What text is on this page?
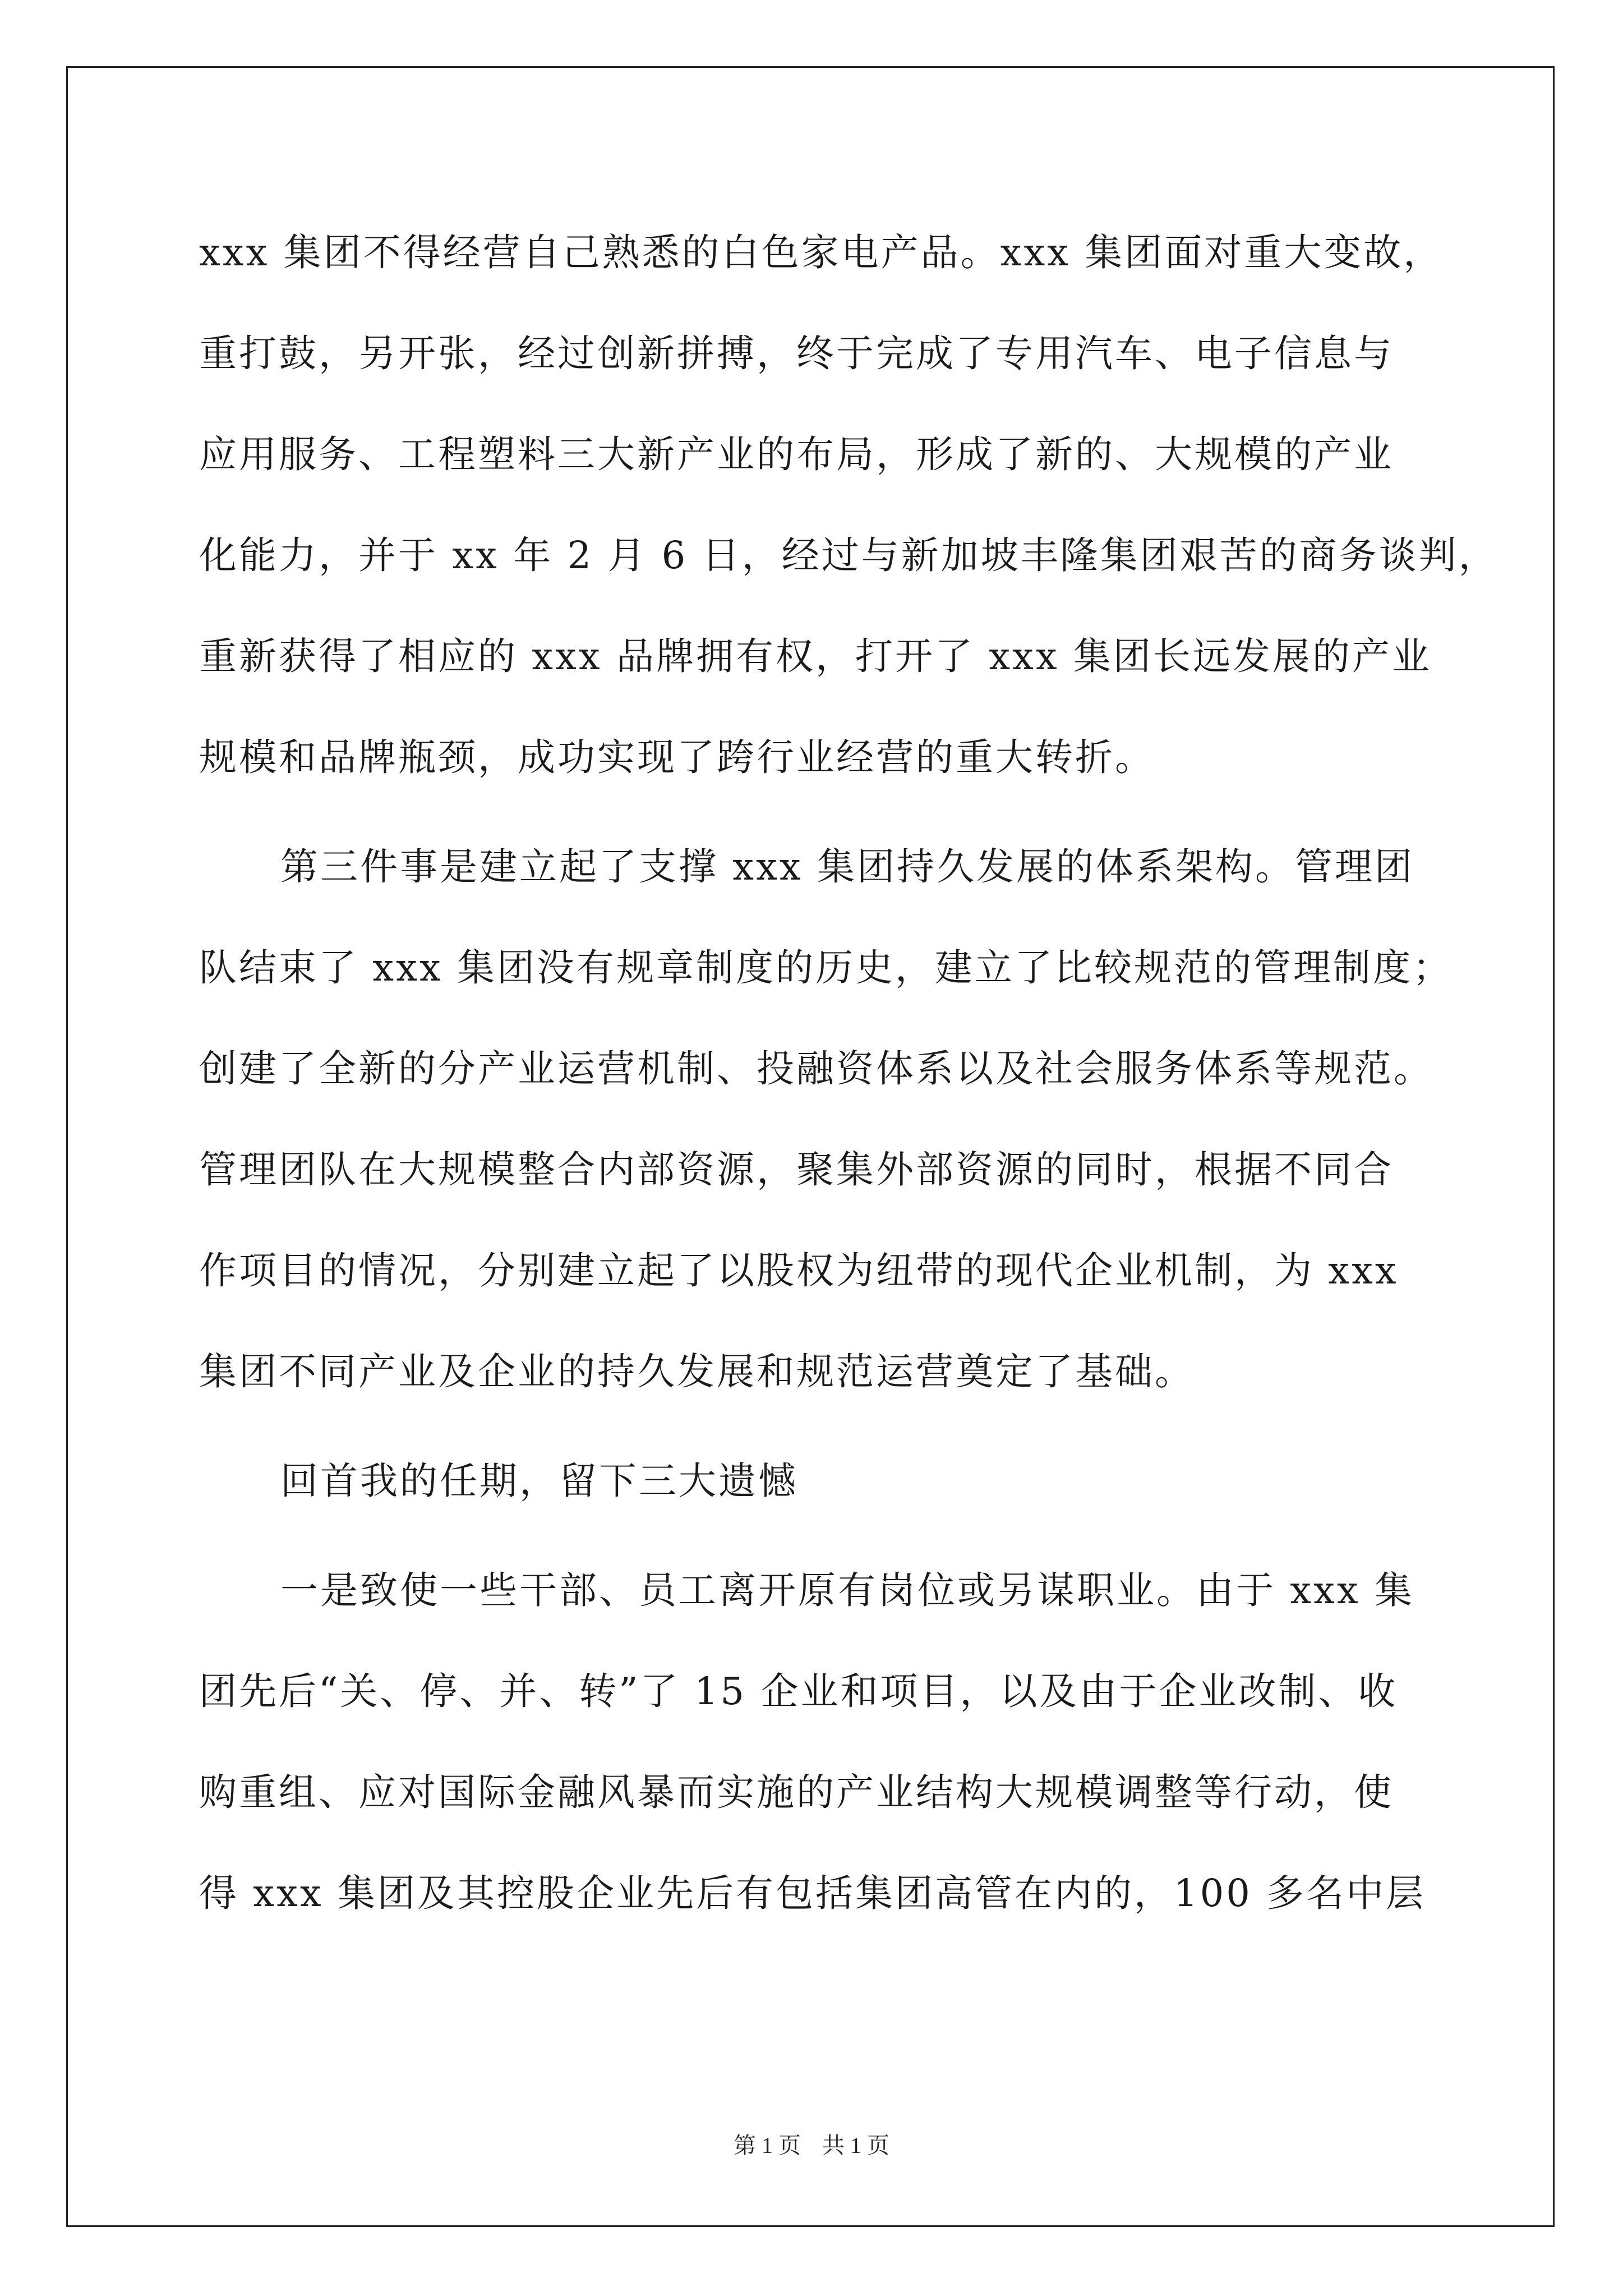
xxx 集团不得经营自己熟悉的白色家电产品。xxx 集团面对重大变故，
重打鼓，另开张，经过创新拼搏，终于完成了专用汽车、电子信息与
应用服务、工程塑料三大新产业的布局，形成了新的、大规模的产业
化能力，并于 xx 年 2 月 6 日，经过与新加坡丰隆集团艰苦的商务谈判，
重新获得了相应的 xxx 品牌拥有权，打开了 xxx 集团长远发展的产业
规模和品牌瓶颈，成功实现了跨行业经营的重大转折。
第三件事是建立起了支撑 xxx 集团持久发展的体系架构。管理团
队结束了 xxx 集团没有规章制度的历史，建立了比较规范的管理制度；
创建了全新的分产业运营机制、投融资体系以及社会服务体系等规范。
管理团队在大规模整合内部资源，聚集外部资源的同时，根据不同合
作项目的情况，分别建立起了以股权为纽带的现代企业机制，为 xxx
集团不同产业及企业的持久发展和规范运营奠定了基础。
回首我的任期，留下三大遗憾
一是致使一些干部、员工离开原有岗位或另谋职业。由于 xxx 集
团先后“关、停、并、转”了 15 企业和项目，以及由于企业改制、收
购重组、应对国际金融风暴而实施的产业结构大规模调整等行动，使
得 xxx 集团及其控股企业先后有包括集团高管在内的，100 多名中层
第 1 页 共 1 页
